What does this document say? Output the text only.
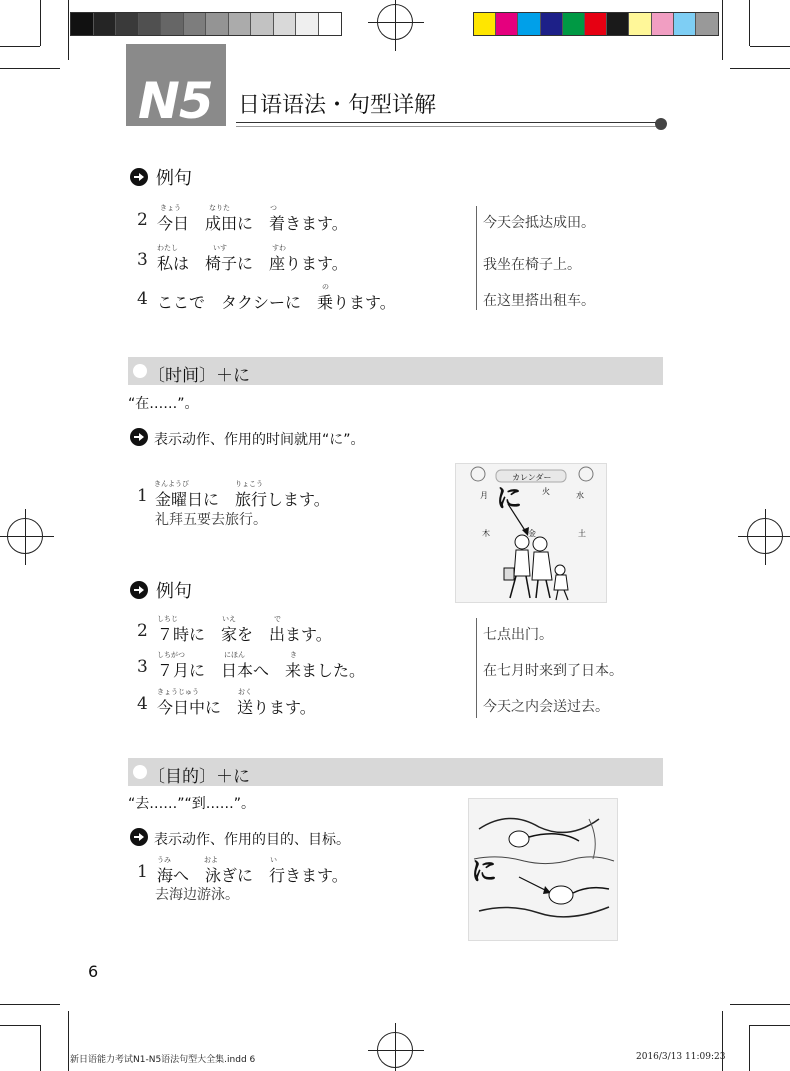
N5 日语语法・句型详解
例句
2
きょう	なりた	つ
今日　成田に　着きます。	今天会抵达成田。
3
わたし	いす	すわ
私は　椅子に　座ります。	我坐在椅子上。
4
の
ここで　タクシーに　乗ります。	在这里搭出租车。
〔时间〕＋に
“在……”。
表示动作、作用的时间就用“に”。
1
きんようび	りょこう
金曜日に　旅行します。
礼拜五要去旅行。
カレンダー
に
月	火	水
木	金	土
例句
2
しちじ	いえ	で
７時に　家を　出ます。	七点出门。
3
しちがつ	にほん	き
７月に　日本へ　来ました。	在七月时来到了日本。
4
きょうじゅう	おく
今日中に　送ります。	今天之内会送过去。
〔目的〕＋に
“去……”“到……”。
表示动作、作用的目的、目标。
1
うみ	およ	い
海へ　泳ぎに　行きます。
去海边游泳。
に
6
新日语能力考试N1-N5语法句型大全集.indd 6	2016/3/13 11:09:23
